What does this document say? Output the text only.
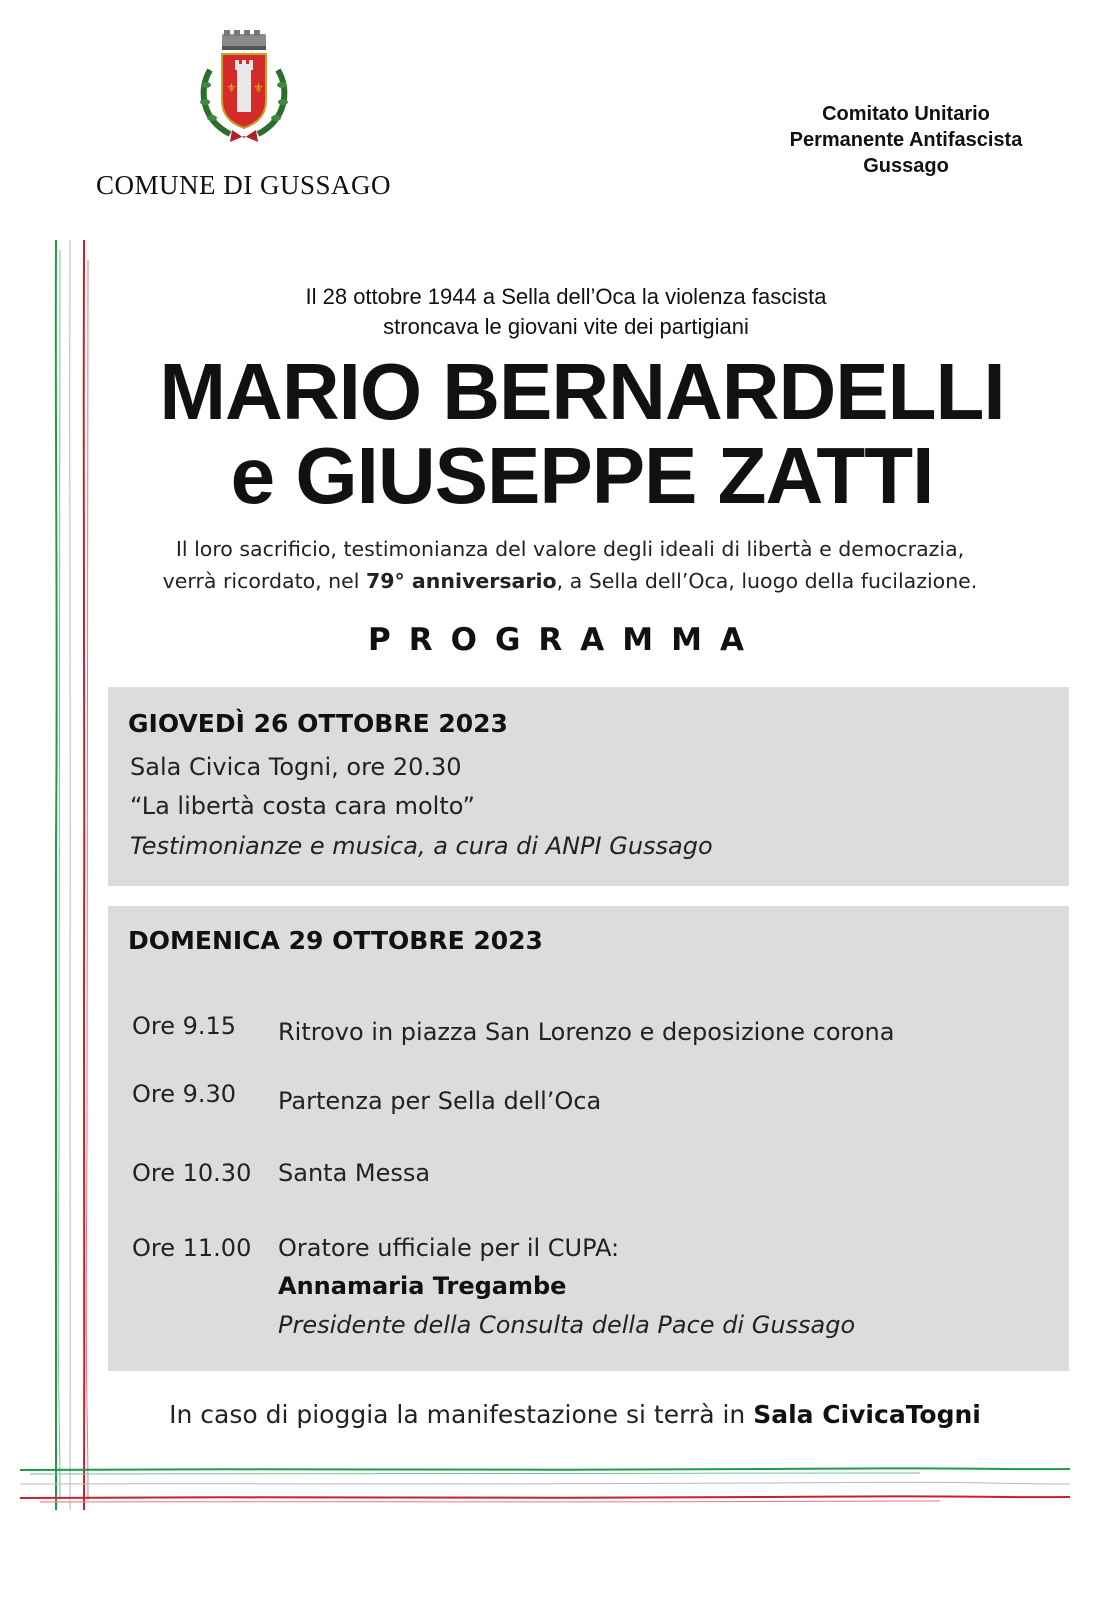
⚜ ⚜
COMUNE DI GUSSAGO
Comitato Unitario
Permanente Antifascista
Gussago
Il 28 ottobre 1944 a Sella dell’Oca la violenza fascista
stroncava le giovani vite dei partigiani
MARIO BERNARDELLI
e GIUSEPPE ZATTI
Il loro sacrificio, testimonianza del valore degli ideali di libertà e democrazia,
verrà ricordato, nel 79° anniversario, a Sella dell’Oca, luogo della fucilazione.
PROGRAMMA
GIOVEDÌ 26 OTTOBRE 2023
Sala Civica Togni, ore 20.30
“La libertà costa cara molto”
Testimonianze e musica, a cura di ANPI Gussago
DOMENICA 29 OTTOBRE 2023
Ore 9.15 Ritrovo in piazza San Lorenzo e deposizione corona
Ore 9.30 Partenza per Sella dell’Oca
Ore 10.30 Santa Messa
Ore 11.00 Oratore ufficiale per il CUPA:
Annamaria Tregambe
Presidente della Consulta della Pace di Gussago
In caso di pioggia la manifestazione si terrà in Sala CivicaTogni
